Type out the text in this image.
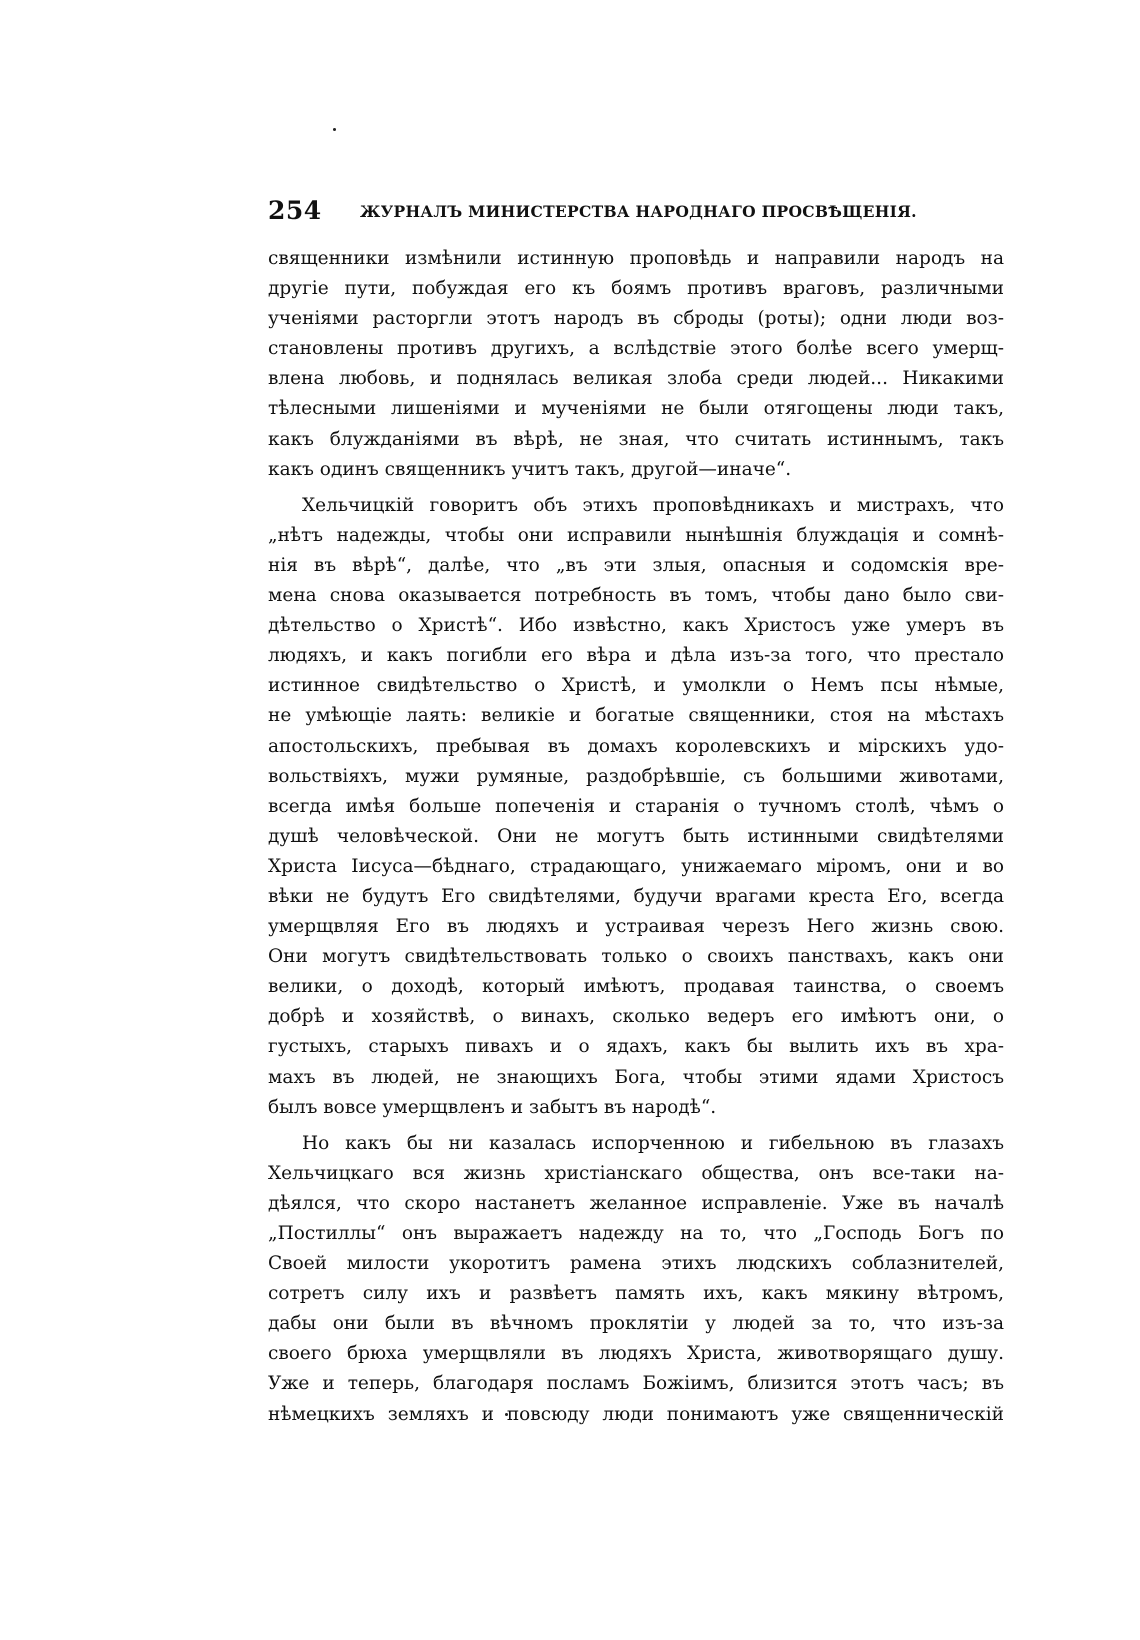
254 ЖУРНАЛЪ МИНИСТЕРСТВА НАРОДНАГО ПРОСВѢЩЕНІЯ.
священники измѣнили истинную проповѣдь и направили народъ на
другіе пути, побуждая его къ боямъ противъ враговъ, различными
ученіями расторгли этотъ народъ въ сброды (роты); одни люди воз-
становлены противъ другихъ, а вслѣдствіе этого болѣе всего умерщ-
влена любовь, и поднялась великая злоба среди людей... Никакими
тѣлесными лишеніями и мученіями не были отягощены люди такъ,
какъ блужданіями въ вѣрѣ, не зная, что считать истиннымъ, такъ
какъ одинъ священникъ учитъ такъ, другой—иначе“.
Хельчицкій говоритъ объ этихъ проповѣдникахъ и мистрахъ, что
„нѣтъ надежды, чтобы они исправили нынѣшнія блуждація и сомнѣ-
нія въ вѣрѣ“, далѣе, что „въ эти злыя, опасныя и содомскія вре-
мена снова оказывается потребность въ томъ, чтобы дано было сви-
дѣтельство о Христѣ“. Ибо извѣстно, какъ Христосъ уже умеръ въ
людяхъ, и какъ погибли его вѣра и дѣла изъ-за того, что престало
истинное свидѣтельство о Христѣ, и умолкли о Немъ псы нѣмые,
не умѣющіе лаять: великіе и богатые священники, стоя на мѣстахъ
апостольскихъ, пребывая въ домахъ королевскихъ и мірскихъ удо-
вольствіяхъ, мужи румяные, раздобрѣвшіе, съ большими животами,
всегда имѣя больше попеченія и старанія о тучномъ столѣ, чѣмъ о
душѣ человѣческой. Они не могутъ быть истинными свидѣтелями
Христа Іисуса—бѣднаго, страдающаго, унижаемаго міромъ, они и во
вѣки не будутъ Его свидѣтелями, будучи врагами креста Его, всегда
умерщвляя Его въ людяхъ и устраивая черезъ Него жизнь свою.
Они могутъ свидѣтельствовать только о своихъ панствахъ, какъ они
велики, о доходѣ, который имѣютъ, продавая таинства, о своемъ
добрѣ и хозяйствѣ, о винахъ, сколько ведеръ его имѣютъ они, о
густыхъ, старыхъ пивахъ и о ядахъ, какъ бы вылить ихъ въ хра-
махъ въ людей, не знающихъ Бога, чтобы этими ядами Христосъ
былъ вовсе умерщвленъ и забытъ въ народѣ“.
Но какъ бы ни казалась испорченною и гибельною въ глазахъ
Хельчицкаго вся жизнь христіанскаго общества, онъ все-таки на-
дѣялся, что скоро настанетъ желанное исправленіе. Уже въ началѣ
„Постиллы“ онъ выражаетъ надежду на то, что „Господь Богъ по
Своей милости укоротитъ рамена этихъ людскихъ соблазнителей,
сотретъ силу ихъ и развѣетъ память ихъ, какъ мякину вѣтромъ,
дабы они были въ вѣчномъ проклятіи у людей за то, что изъ-за
своего брюха умерщвляли въ людяхъ Христа, животворящаго душу.
Уже и теперь, благодаря посламъ Божіимъ, близится этотъ часъ; въ
нѣмецкихъ земляхъ и повсюду люди понимаютъ уже священническій
